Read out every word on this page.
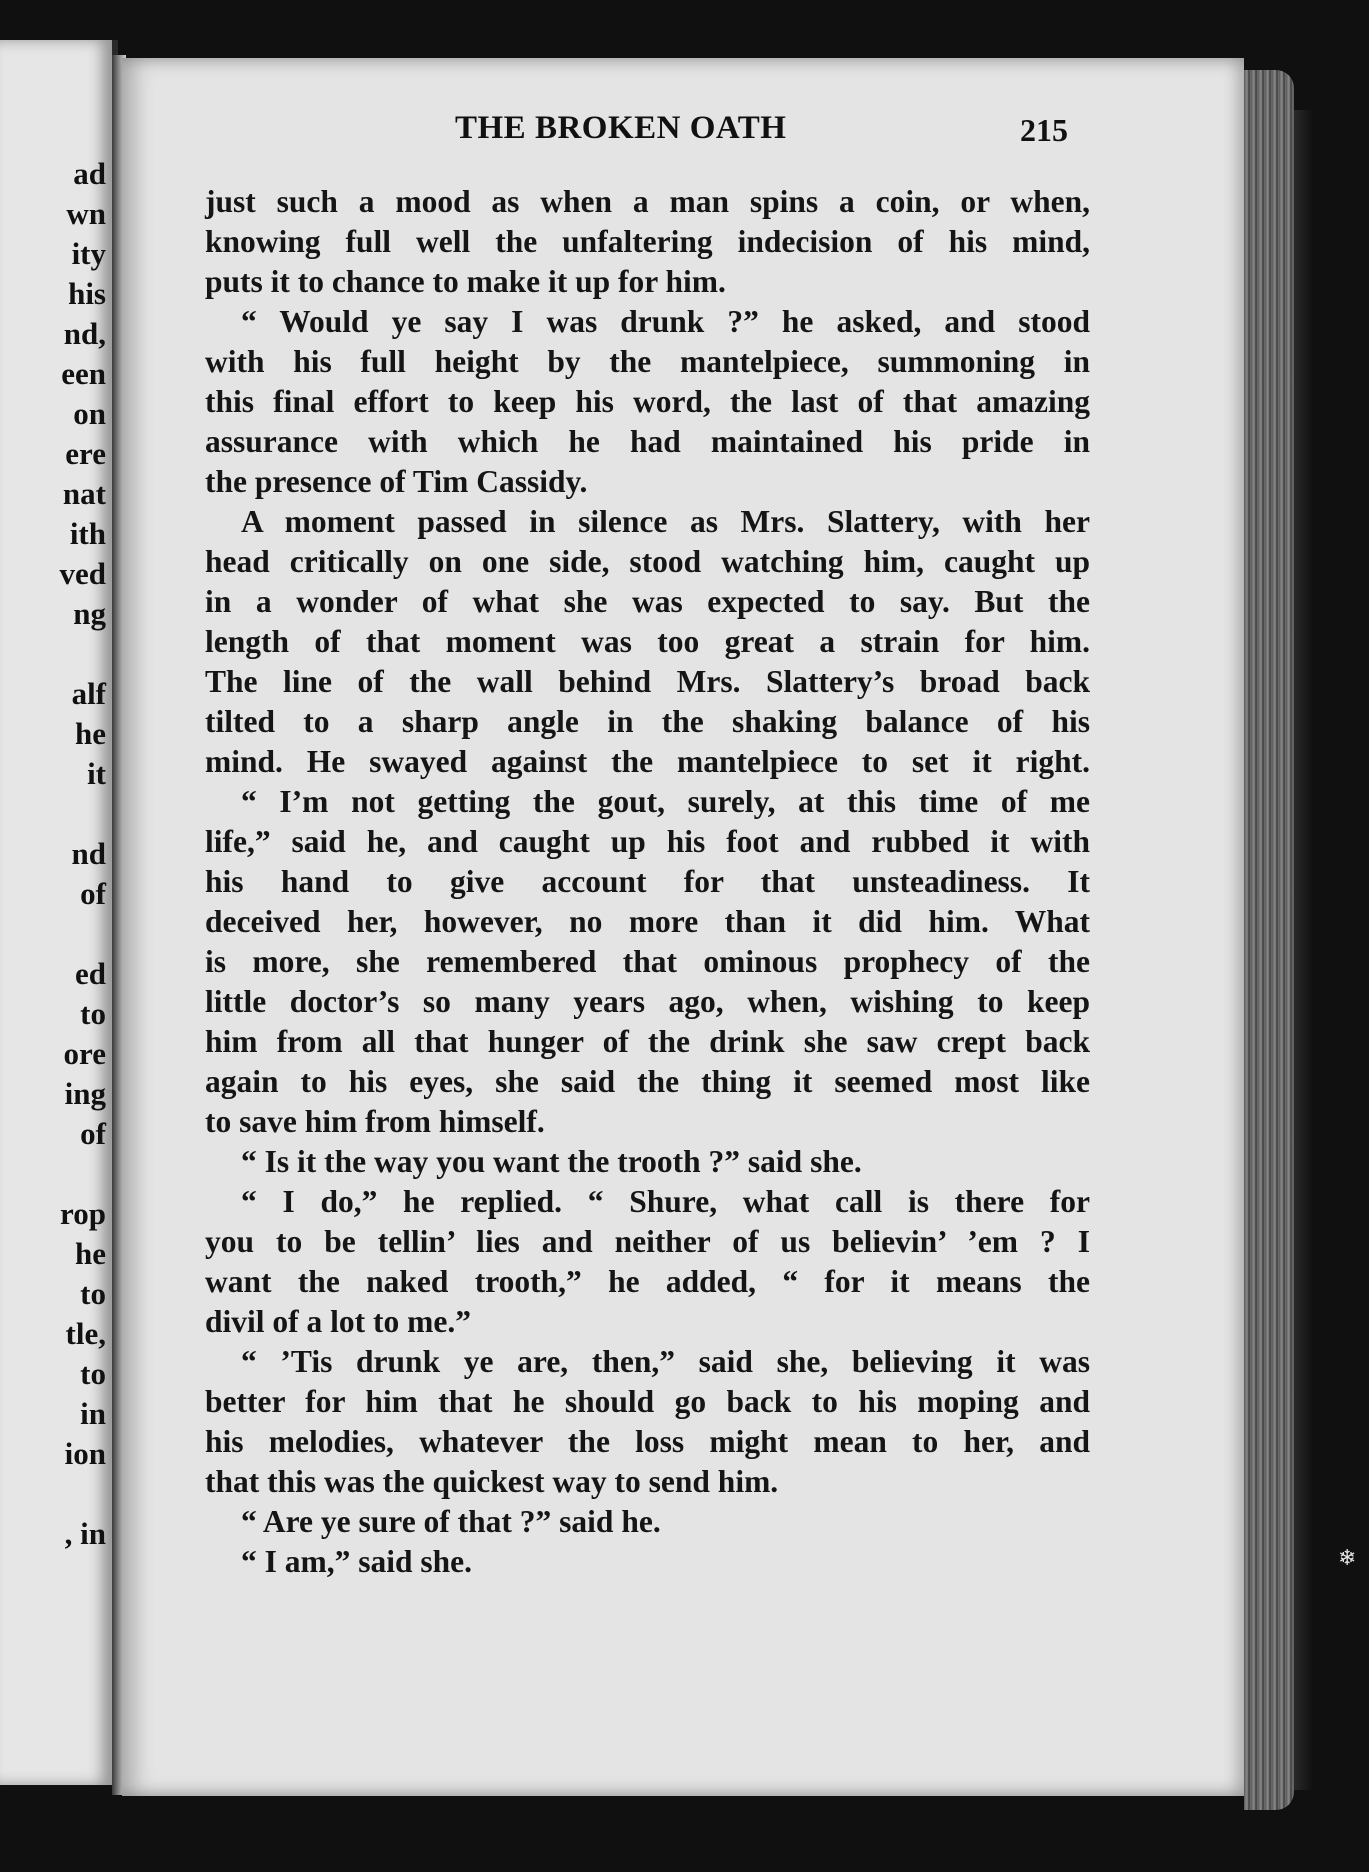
ad

wn

ity

his

nd,

een

on

ere

nat

ith

ved

ng

alf

he

it

nd

of

ed

to

ore

ing

of

rop

he

to

tle,

to

in

ion

, in

❄

THE BROKEN OATH	215

just such a mood as when a man spins a coin, or when,
knowing full well the unfaltering indecision of his mind,
puts it to chance to make it up for him.
“ Would ye say I was drunk ?” he asked, and stood
with his full height by the mantelpiece, summoning in
this final effort to keep his word, the last of that amazing
assurance with which he had maintained his pride in
the presence of Tim Cassidy.
A moment passed in silence as Mrs. Slattery, with her
head critically on one side, stood watching him, caught up
in a wonder of what she was expected to say. But the
length of that moment was too great a strain for him.
The line of the wall behind Mrs. Slattery’s broad back
tilted to a sharp angle in the shaking balance of his
mind. He swayed against the mantelpiece to set it right.
“ I’m not getting the gout, surely, at this time of me
life,” said he, and caught up his foot and rubbed it with
his hand to give account for that unsteadiness. It
deceived her, however, no more than it did him. What
is more, she remembered that ominous prophecy of the
little doctor’s so many years ago, when, wishing to keep
him from all that hunger of the drink she saw crept back
again to his eyes, she said the thing it seemed most like
to save him from himself.
“ Is it the way you want the trooth ?” said she.
“ I do,” he replied. “ Shure, what call is there for
you to be tellin’ lies and neither of us believin’ ’em ? I
want the naked trooth,” he added, “ for it means the
divil of a lot to me.”
“ ’Tis drunk ye are, then,” said she, believing it was
better for him that he should go back to his moping and
his melodies, whatever the loss might mean to her, and
that this was the quickest way to send him.
“ Are ye sure of that ?” said he.
“ I am,” said she.
